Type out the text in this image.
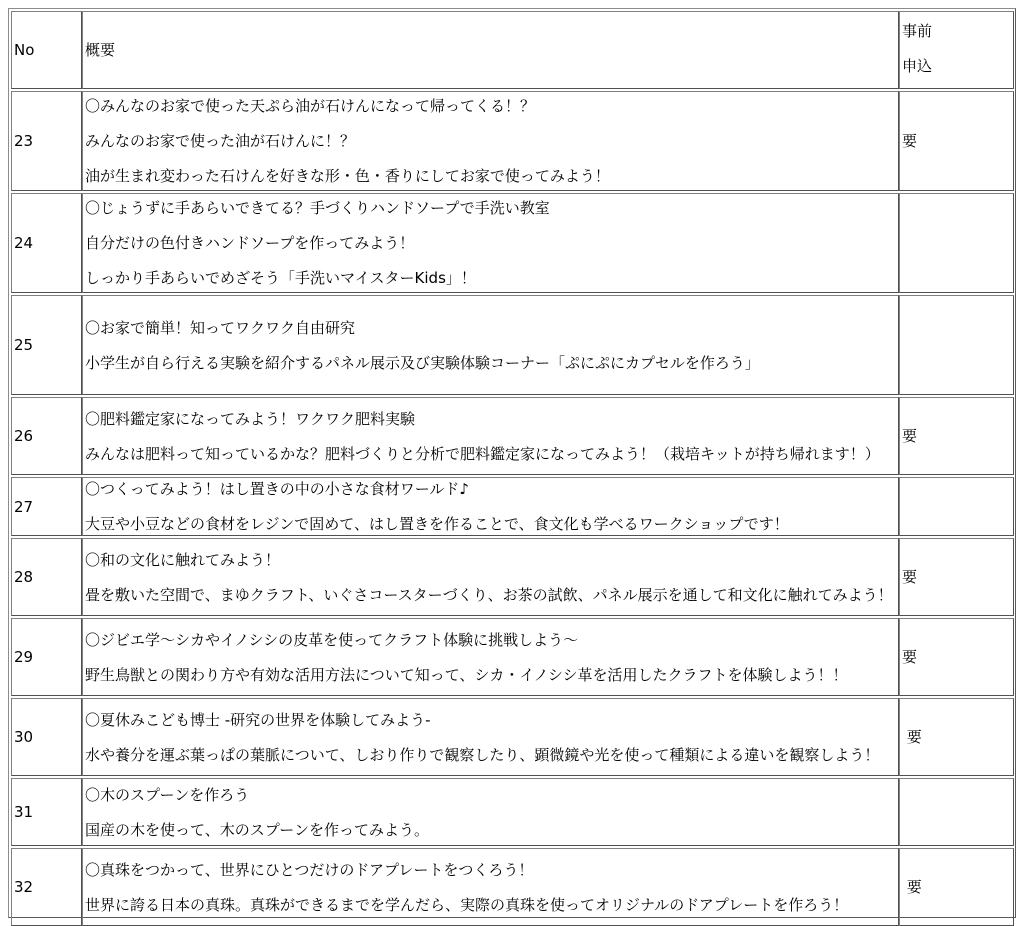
No	概要	事前
申込

23	〇みんなのお家で使った天ぷら油が石けんになって帰ってくる！？
みんなのお家で使った油が石けんに！？
油が生まれ変わった石けんを好きな形・色・香りにしてお家で使ってみよう！	要

24	〇じょうずに手あらいできてる？手づくりハンドソープで手洗い教室
自分だけの色付きハンドソープを作ってみよう！
しっかり手あらいでめざそう「手洗いマイスターKids」！	

25	〇お家で簡単！知ってワクワク自由研究
小学生が自ら行える実験を紹介するパネル展示及び実験体験コーナー「ぷにぷにカプセルを作ろう」	

26	〇肥料鑑定家になってみよう！ワクワク肥料実験
みんなは肥料って知っているかな？肥料づくりと分析で肥料鑑定家になってみよう！（栽培キットが持ち帰れます！）	要

27	〇つくってみよう！はし置きの中の小さな食材ワールド♪
大豆や小豆などの食材をレジンで固めて、はし置きを作ることで、食文化も学べるワークショップです！	

28	〇和の文化に触れてみよう！
畳を敷いた空間で、まゆクラフト、いぐさコースターづくり、お茶の試飲、パネル展示を通して和文化に触れてみよう！	要

29	〇ジビエ学～シカやイノシシの皮革を使ってクラフト体験に挑戦しよう～
野生鳥獣との関わり方や有効な活用方法について知って、シカ・イノシシ革を活用したクラフトを体験しよう！！	要

30	〇夏休みこども博士 -研究の世界を体験してみよう-
水や養分を運ぶ葉っぱの葉脈について、しおり作りで観察したり、顕微鏡や光を使って種類による違いを観察しよう！	要

31	〇木のスプーンを作ろう
国産の木を使って、木のスプーンを作ってみよう。	

32	〇真珠をつかって、世界にひとつだけのドアプレートをつくろう！
世界に誇る日本の真珠。真珠ができるまでを学んだら、実際の真珠を使ってオリジナルのドアプレートを作ろう！	要
